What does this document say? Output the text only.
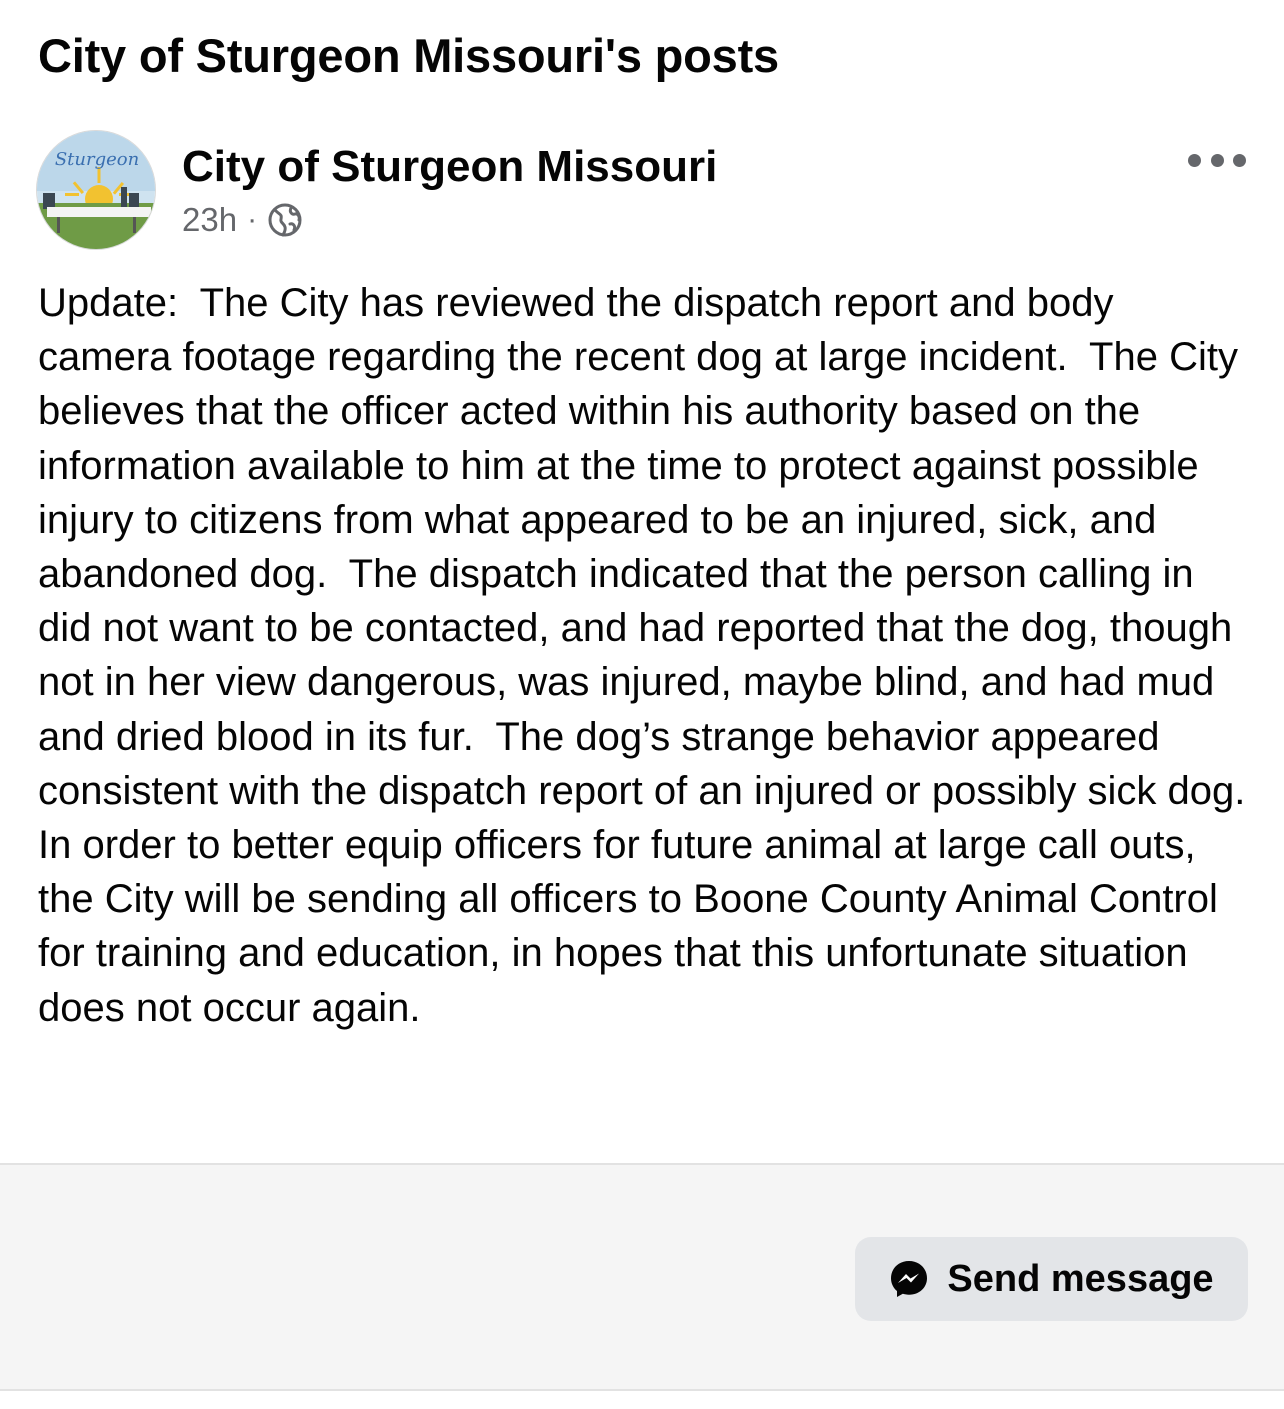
City of Sturgeon Missouri's posts
Sturgeon City of Sturgeon Missouri
23h ·
Update:  The City has reviewed the dispatch report and body camera footage regarding the recent dog at large incident.  The City believes that the officer acted within his authority based on the information available to him at the time to protect against possible injury to citizens from what appeared to be an injured, sick, and abandoned dog.  The dispatch indicated that the person calling in did not want to be contacted, and had reported that the dog, though not in her view dangerous, was injured, maybe blind, and had mud and dried blood in its fur.  The dog’s strange behavior appeared consistent with the dispatch report of an injured or possibly sick dog.  In order to better equip officers for future animal at large call outs, the City will be sending all officers to Boone County Animal Control for training and education, in hopes that this unfortunate situation does not occur again.
Send message
